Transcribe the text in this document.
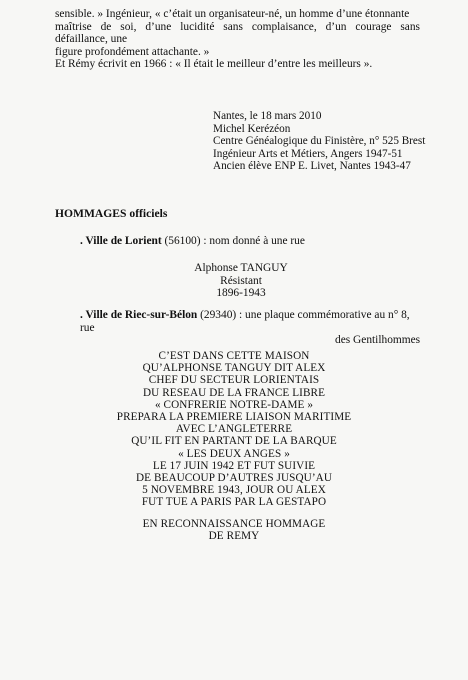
sensible. » Ingénieur, « c’était un organisateur-né, un homme d’une étonnante
maîtrise de soi, d’une lucidité sans complaisance, d’un courage sans défaillance, une
figure profondément attachante. »
Et Rémy écrivit en 1966 : « Il était le meilleur d’entre les meilleurs ».
Nantes, le 18 mars 2010
Michel Kerézéon
Centre Généalogique du Finistère, n° 525 Brest
Ingénieur Arts et Métiers, Angers 1947-51
Ancien élève ENP E. Livet, Nantes 1943-47
HOMMAGES officiels
. Ville de Lorient (56100) : nom donné à une rue
Alphonse TANGUY
Résistant
1896-1943
. Ville de Riec-sur-Bélon (29340) : une plaque commémorative au n° 8, rue
des Gentilhommes
C’EST DANS CETTE MAISON
QU’ALPHONSE TANGUY DIT ALEX
CHEF DU SECTEUR LORIENTAIS
DU RESEAU DE LA FRANCE LIBRE
« CONFRERIE NOTRE-DAME »
PREPARA LA PREMIERE LIAISON MARITIME
AVEC L’ANGLETERRE
QU’IL FIT EN PARTANT DE LA BARQUE
« LES DEUX ANGES »
LE 17 JUIN 1942 ET FUT SUIVIE
DE BEAUCOUP D’AUTRES JUSQU’AU
5 NOVEMBRE 1943, JOUR OU ALEX
FUT TUE A PARIS PAR LA GESTAPO
EN RECONNAISSANCE HOMMAGE
DE REMY
